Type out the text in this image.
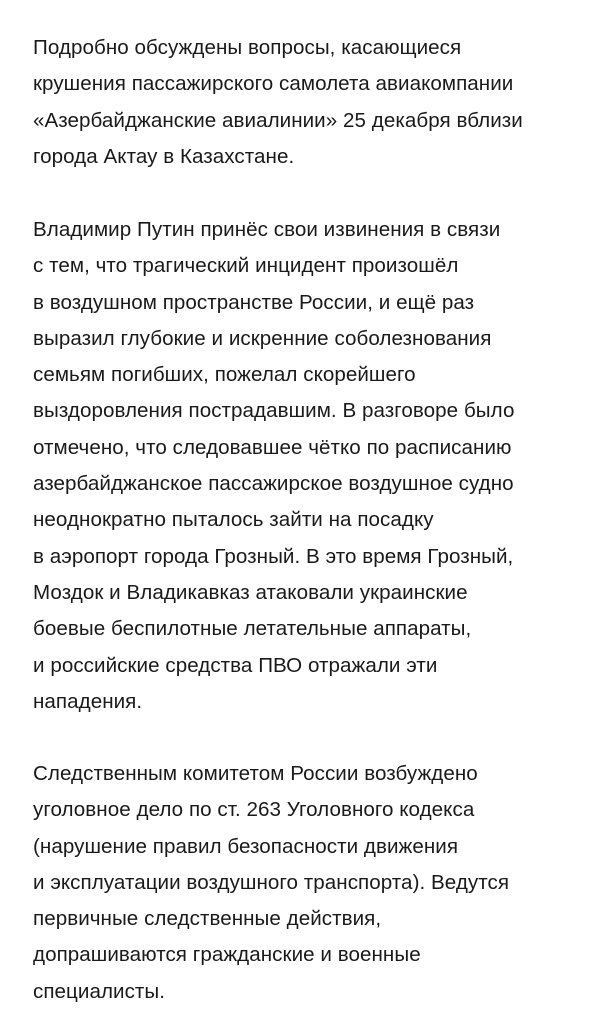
Подробно обсуждены вопросы, касающиеся
крушения пассажирского самолета авиакомпании
«Азербайджанские авиалинии» 25 декабря вблизи
города Актау в Казахстане.
Владимир Путин принёс свои извинения в связи
с тем, что трагический инцидент произошёл
в воздушном пространстве России, и ещё раз
выразил глубокие и искренние соболезнования
семьям погибших, пожелал скорейшего
выздоровления пострадавшим. В разговоре было
отмечено, что следовавшее чётко по расписанию
азербайджанское пассажирское воздушное судно
неоднократно пыталось зайти на посадку
в аэропорт города Грозный. В это время Грозный,
Моздок и Владикавказ атаковали украинские
боевые беспилотные летательные аппараты,
и российские средства ПВО отражали эти
нападения.
Следственным комитетом России возбуждено
уголовное дело по ст. 263 Уголовного кодекса
(нарушение правил безопасности движения
и эксплуатации воздушного транспорта). Ведутся
первичные следственные действия,
допрашиваются гражданские и военные
специалисты.
